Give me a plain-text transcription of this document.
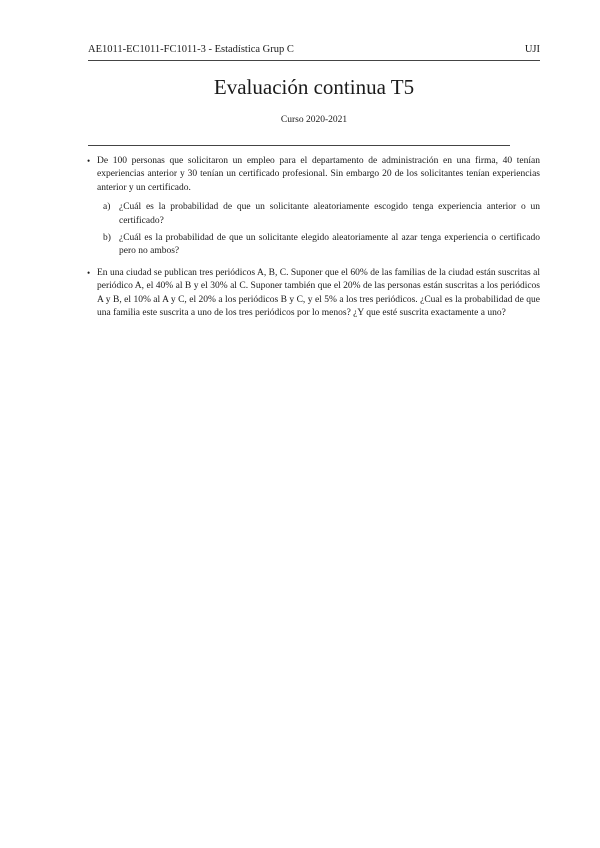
AE1011-EC1011-FC1011-3 - Estadística Grup C	UJI
Evaluación continua T5
Curso 2020-2021
• De 100 personas que solicitaron un empleo para el departamento de administración en una firma, 40 tenían experiencias anterior y 30 tenían un certificado profesional. Sin embargo 20 de los solicitantes tenían experiencias anterior y un certificado.
a) ¿Cuál es la probabilidad de que un solicitante aleatoriamente escogido tenga experiencia anterior o un certificado?
b) ¿Cuál es la probabilidad de que un solicitante elegido aleatoriamente al azar tenga experiencia o certificado pero no ambos?
• En una ciudad se publican tres periódicos A, B, C. Suponer que el 60% de las familias de la ciudad están suscritas al periódico A, el 40% al B y el 30% al C. Suponer también que el 20% de las personas están suscritas a los periódicos A y B, el 10% al A y C, el 20% a los periódicos B y C, y el 5% a los tres periódicos. ¿Cual es la probabilidad de que una familia este suscrita a uno de los tres periódicos por lo menos? ¿Y que esté suscrita exactamente a uno?
